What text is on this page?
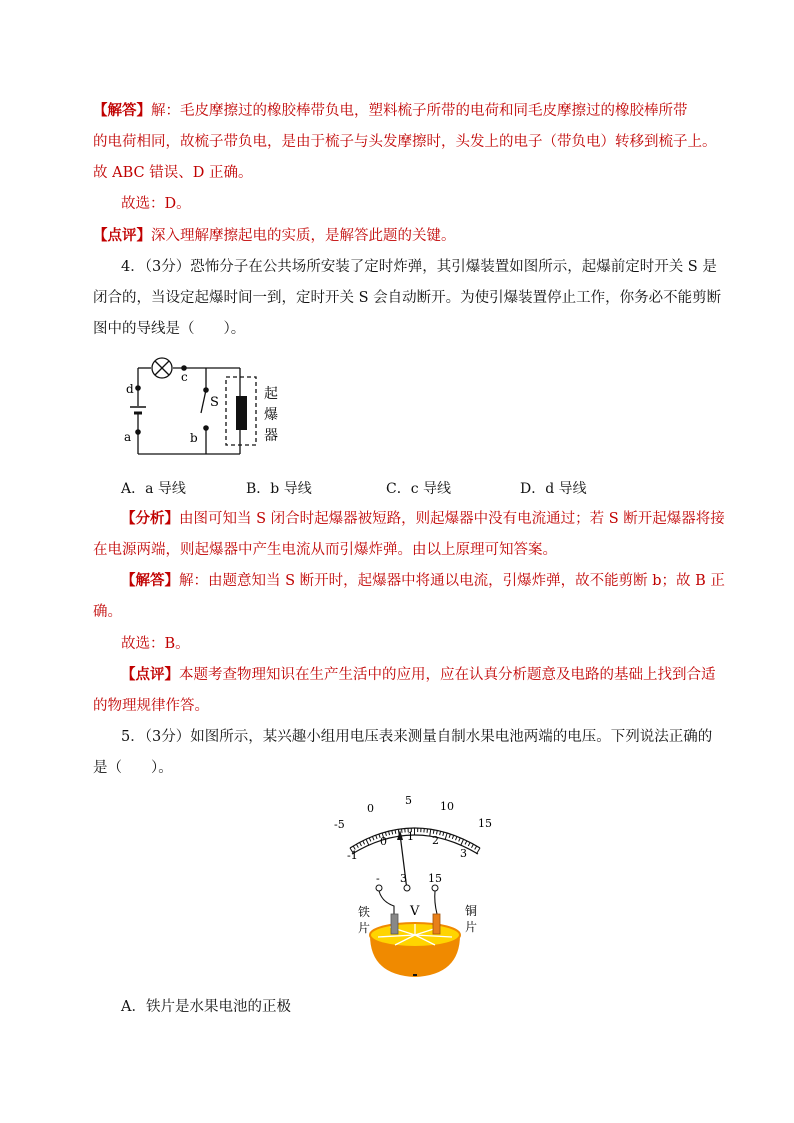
【解答】解：毛皮摩擦过的橡胶棒带负电，塑料梳子所带的电荷和同毛皮摩擦过的橡胶棒所带
的电荷相同，故梳子带负电，是由于梳子与头发摩擦时，头发上的电子（带负电）转移到梳子上。
故 ABC 错误、D 正确。
故选：D。
【点评】深入理解摩擦起电的实质，是解答此题的关键。
4．（3分）恐怖分子在公共场所安装了定时炸弹，其引爆装置如图所示，起爆前定时开关 S 是
闭合的，当设定起爆时间一到，定时开关 S 会自动断开。为使引爆装置停止工作，你务必不能剪断
图中的导线是（　　）。
d
c
a	b
S
起
爆
器
A．a 导线	B．b 导线	C．c 导线	D．d 导线
【分析】由图可知当 S 闭合时起爆器被短路，则起爆器中没有电流通过；若 S 断开起爆器将接
在电源两端，则起爆器中产生电流从而引爆炸弹。由以上原理可知答案。
【解答】解：由题意知当 S 断开时，起爆器中将通以电流，引爆炸弹，故不能剪断 b；故 B 正
确。
故选：B。
【点评】本题考查物理知识在生产生活中的应用，应在认真分析题意及电路的基础上找到合适
的物理规律作答。
5．（3分）如图所示，某兴趣小组用电压表来测量自制水果电池两端的电压。下列说法正确的
是（　　）。
-5
0
5	10
15
-1
0 1 2
3
- 3 15
V
铁
片
铜
片
A．铁片是水果电池的正极
